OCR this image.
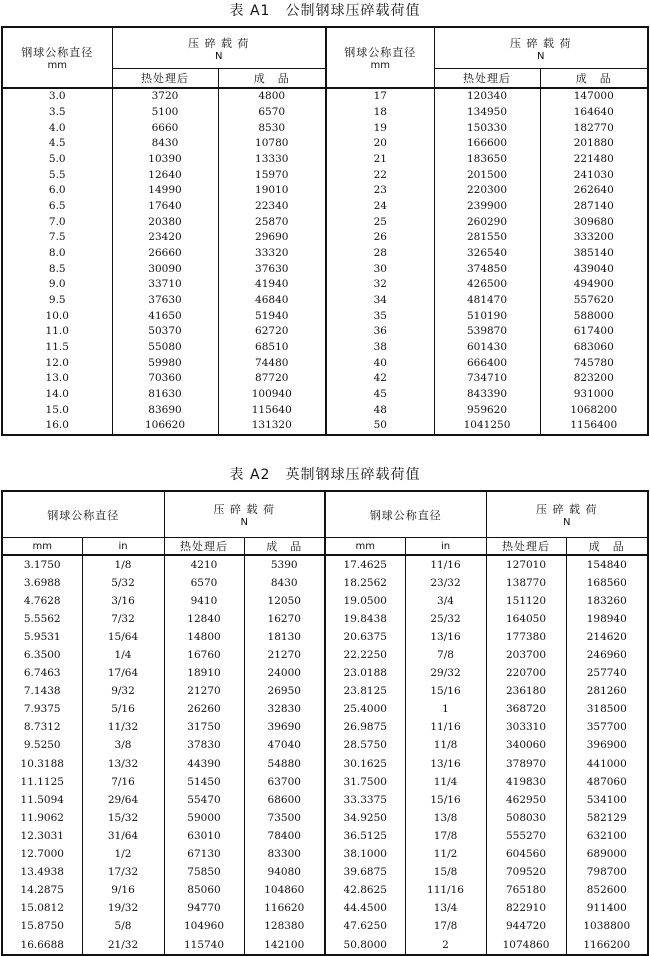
表 A1　公制钢球压碎载荷值
钢球公称直径
mm	压 碎 载 荷
N		钢球公称直径
mm	压 碎 载 荷
N	

	热处理后	成　品		热处理后	成　品
3.0	3720	4800	17	120340	147000
3.5	5100	6570	18	134950	164640
4.0	6660	8530	19	150330	182770
4.5	8430	10780	20	166600	201880
5.0	10390	13330	21	183650	221480
5.5	12640	15970	22	201500	241030
6.0	14990	19010	23	220300	262640
6.5	17640	22340	24	239900	287140
7.0	20380	25870	25	260290	309680
7.5	23420	29690	26	281550	333200
8.0	26660	33320	28	326540	385140
8.5	30090	37630	30	374850	439040
9.0	33710	41940	32	426500	494900
9.5	37630	46840	34	481470	557620
10.0	41650	51940	35	510190	588000
11.0	50370	62720	36	539870	617400
11.5	55080	68510	38	601430	683060
12.0	59980	74480	40	666400	745780
13.0	70360	87720	42	734710	823200
14.0	81630	100940	45	843390	931000
15.0	83690	115640	48	959620	1068200
16.0	106620	131320	50	1041250	1156400
表 A2　英制钢球压碎载荷值
钢球公称直径		压 碎 载 荷
N		钢球公称直径		压 碎 载 荷
N	

mm	in	热处理后	成　品	mm	in	热处理后	成　品
3.1750	1/8	4210	5390	17.4625	11/16	127010	154840
3.6988	5/32	6570	8430	18.2562	23/32	138770	168560
4.7628	3/16	9410	12050	19.0500	3/4	151120	183260
5.5562	7/32	12840	16270	19.8438	25/32	164050	198940
5.9531	15/64	14800	18130	20.6375	13/16	177380	214620
6.3500	1/4	16760	21270	22.2250	7/8	203700	246960
6.7463	17/64	18910	24000	23.0188	29/32	220700	257740
7.1438	9/32	21270	26950	23.8125	15/16	236180	281260
7.9375	5/16	26260	32830	25.4000	1	368720	318500
8.7312	11/32	31750	39690	26.9875	11/16	303310	357700
9.5250	3/8	37830	47040	28.5750	11/8	340060	396900
10.3188	13/32	44390	54880	30.1625	13/16	378970	441000
11.1125	7/16	51450	63700	31.7500	11/4	419830	487060
11.5094	29/64	55470	68600	33.3375	15/16	462950	534100
11.9062	15/32	59000	73500	34.9250	13/8	508030	582129
12.3031	31/64	63010	78400	36.5125	17/8	555270	632100
12.7000	1/2	67130	83300	38.1000	11/2	604560	689000
13.4938	17/32	75850	94080	39.6875	15/8	709520	798700
14.2875	9/16	85060	104860	42.8625	111/16	765180	852600
15.0812	19/32	94770	116620	44.4500	13/4	822910	911400
15.8750	5/8	104960	128380	47.6250	17/8	944720	1038800
16.6688	21/32	115740	142100	50.8000	2	1074860	1166200
